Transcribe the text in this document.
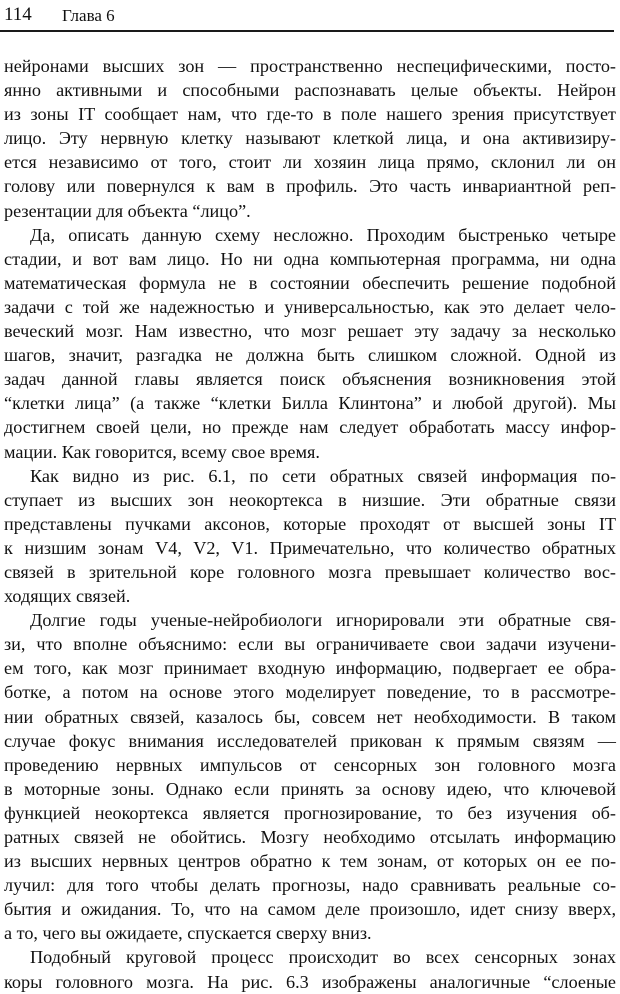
114 Глава 6
нейронами высших зон — пространственно неспецифическими, посто-
янно активными и способными распознавать целые объекты. Нейрон
из зоны IT сообщает нам, что где-то в поле нашего зрения присутствует
лицо. Эту нервную клетку называют клеткой лица, и она активизиру-
ется независимо от того, стоит ли хозяин лица прямо, склонил ли он
голову или повернулся к вам в профиль. Это часть инвариантной реп-
резентации для объекта “лицо”.
Да, описать данную схему несложно. Проходим быстренько четыре
стадии, и вот вам лицо. Но ни одна компьютерная программа, ни одна
математическая формула не в состоянии обеспечить решение подобной
задачи с той же надежностью и универсальностью, как это делает чело-
веческий мозг. Нам известно, что мозг решает эту задачу за несколько
шагов, значит, разгадка не должна быть слишком сложной. Одной из
задач данной главы является поиск объяснения возникновения этой
“клетки лица” (а также “клетки Билла Клинтона” и любой другой). Мы
достигнем своей цели, но прежде нам следует обработать массу инфор-
мации. Как говорится, всему свое время.
Как видно из рис. 6.1, по сети обратных связей информация по-
ступает из высших зон неокортекса в низшие. Эти обратные связи
представлены пучками аксонов, которые проходят от высшей зоны IT
к низшим зонам V4, V2, V1. Примечательно, что количество обратных
связей в зрительной коре головного мозга превышает количество вос-
ходящих связей.
Долгие годы ученые-нейробиологи игнорировали эти обратные свя-
зи, что вполне объяснимо: если вы ограничиваете свои задачи изучени-
ем того, как мозг принимает входную информацию, подвергает ее обра-
ботке, а потом на основе этого моделирует поведение, то в рассмотре-
нии обратных связей, казалось бы, совсем нет необходимости. В таком
случае фокус внимания исследователей прикован к прямым связям —
проведению нервных импульсов от сенсорных зон головного мозга
в моторные зоны. Однако если принять за основу идею, что ключевой
функцией неокортекса является прогнозирование, то без изучения об-
ратных связей не обойтись. Мозгу необходимо отсылать информацию
из высших нервных центров обратно к тем зонам, от которых он ее по-
лучил: для того чтобы делать прогнозы, надо сравнивать реальные со-
бытия и ожидания. То, что на самом деле произошло, идет снизу вверх,
а то, чего вы ожидаете, спускается сверху вниз.
Подобный круговой процесс происходит во всех сенсорных зонах
коры головного мозга. На рис. 6.3 изображены аналогичные “слоеные
